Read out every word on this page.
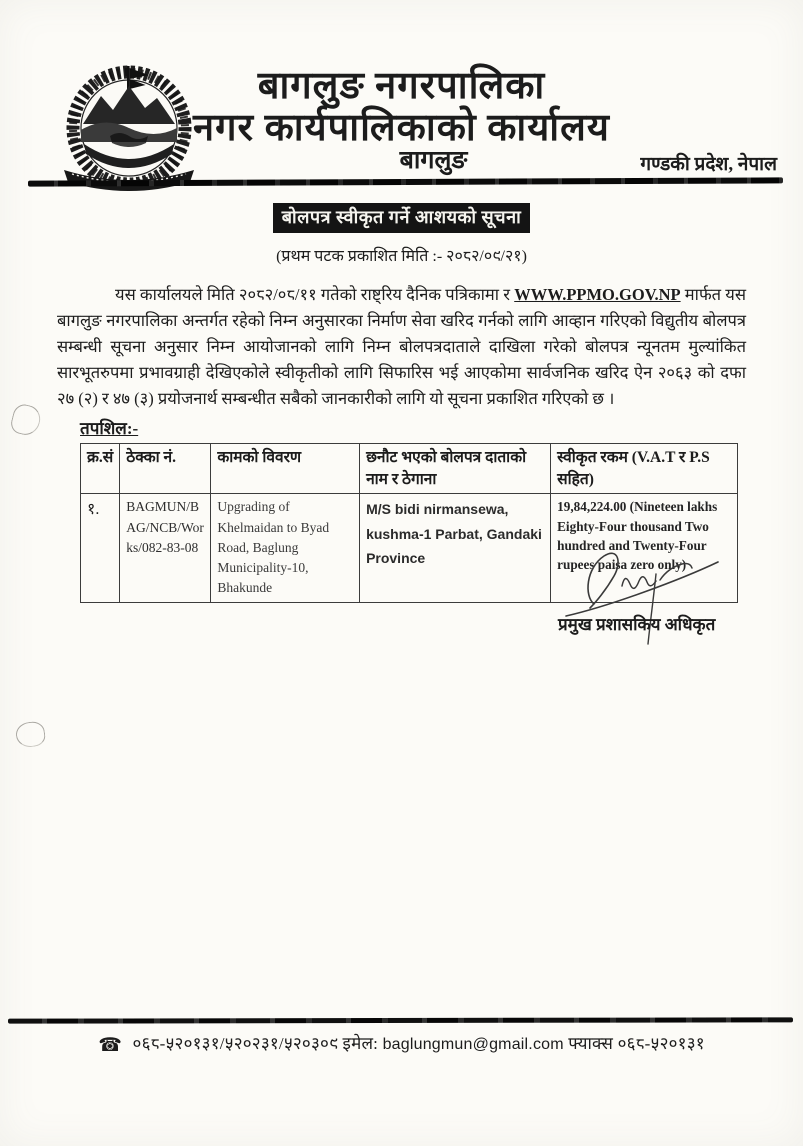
बागलुङ नगरपालिका
नगर कार्यपालिकाको कार्यालय
बागलुङ	गण्डकी प्रदेश, नेपाल
बोलपत्र स्वीकृत गर्ने आशयको सूचना
(प्रथम पटक प्रकाशित मिति :- २०८२/०९/२१)
यस कार्यालयले मिति २०८२/०८/११ गतेको राष्ट्रिय दैनिक पत्रिकामा र WWW.PPMO.GOV.NP मार्फत यस बागलुङ नगरपालिका अन्तर्गत रहेको निम्न अनुसारका निर्माण सेवा खरिद गर्नको लागि आव्हान गरिएको विद्युतीय बोलपत्र सम्बन्धी सूचना अनुसार निम्न आयोजानको लागि निम्न बोलपत्रदाताले दाखिला गरेको बोलपत्र न्यूनतम मुल्यांकित सारभूतरुपमा प्रभावग्राही देखिएकोले स्वीकृतीको लागि सिफारिस भई आएकोमा सार्वजनिक खरिद ऐन २०६३ को दफा २७ (२) र ४७ (३) प्रयोजनार्थ सम्बन्धीत सबैको जानकारीको लागि यो सूचना प्रकाशित गरिएको छ ।
तपशिल:-
क्र.सं	ठेक्का नं.	कामको विवरण	छनौट भएको बोलपत्र दाताको नाम र ठेगाना	स्वीकृत रकम (V.A.T र P.S सहित)
१.	BAGMUN/BAG/NCB/Works/082-83-08	Upgrading of Khelmaidan to Byad Road, Baglung Municipality-10, Bhakunde	M/S bidi nirmansewa, kushma-1 Parbat, Gandaki Province	19,84,224.00 (Nineteen lakhs Eighty-Four thousand Two hundred and Twenty-Four rupees paisa zero only)
प्रमुख प्रशासकिय अधिकृत
☎ ०६८-५२०१३१/५२०२३१/५२०३०९ इमेल: baglungmun@gmail.com फ्याक्स ०६८-५२०१३१
